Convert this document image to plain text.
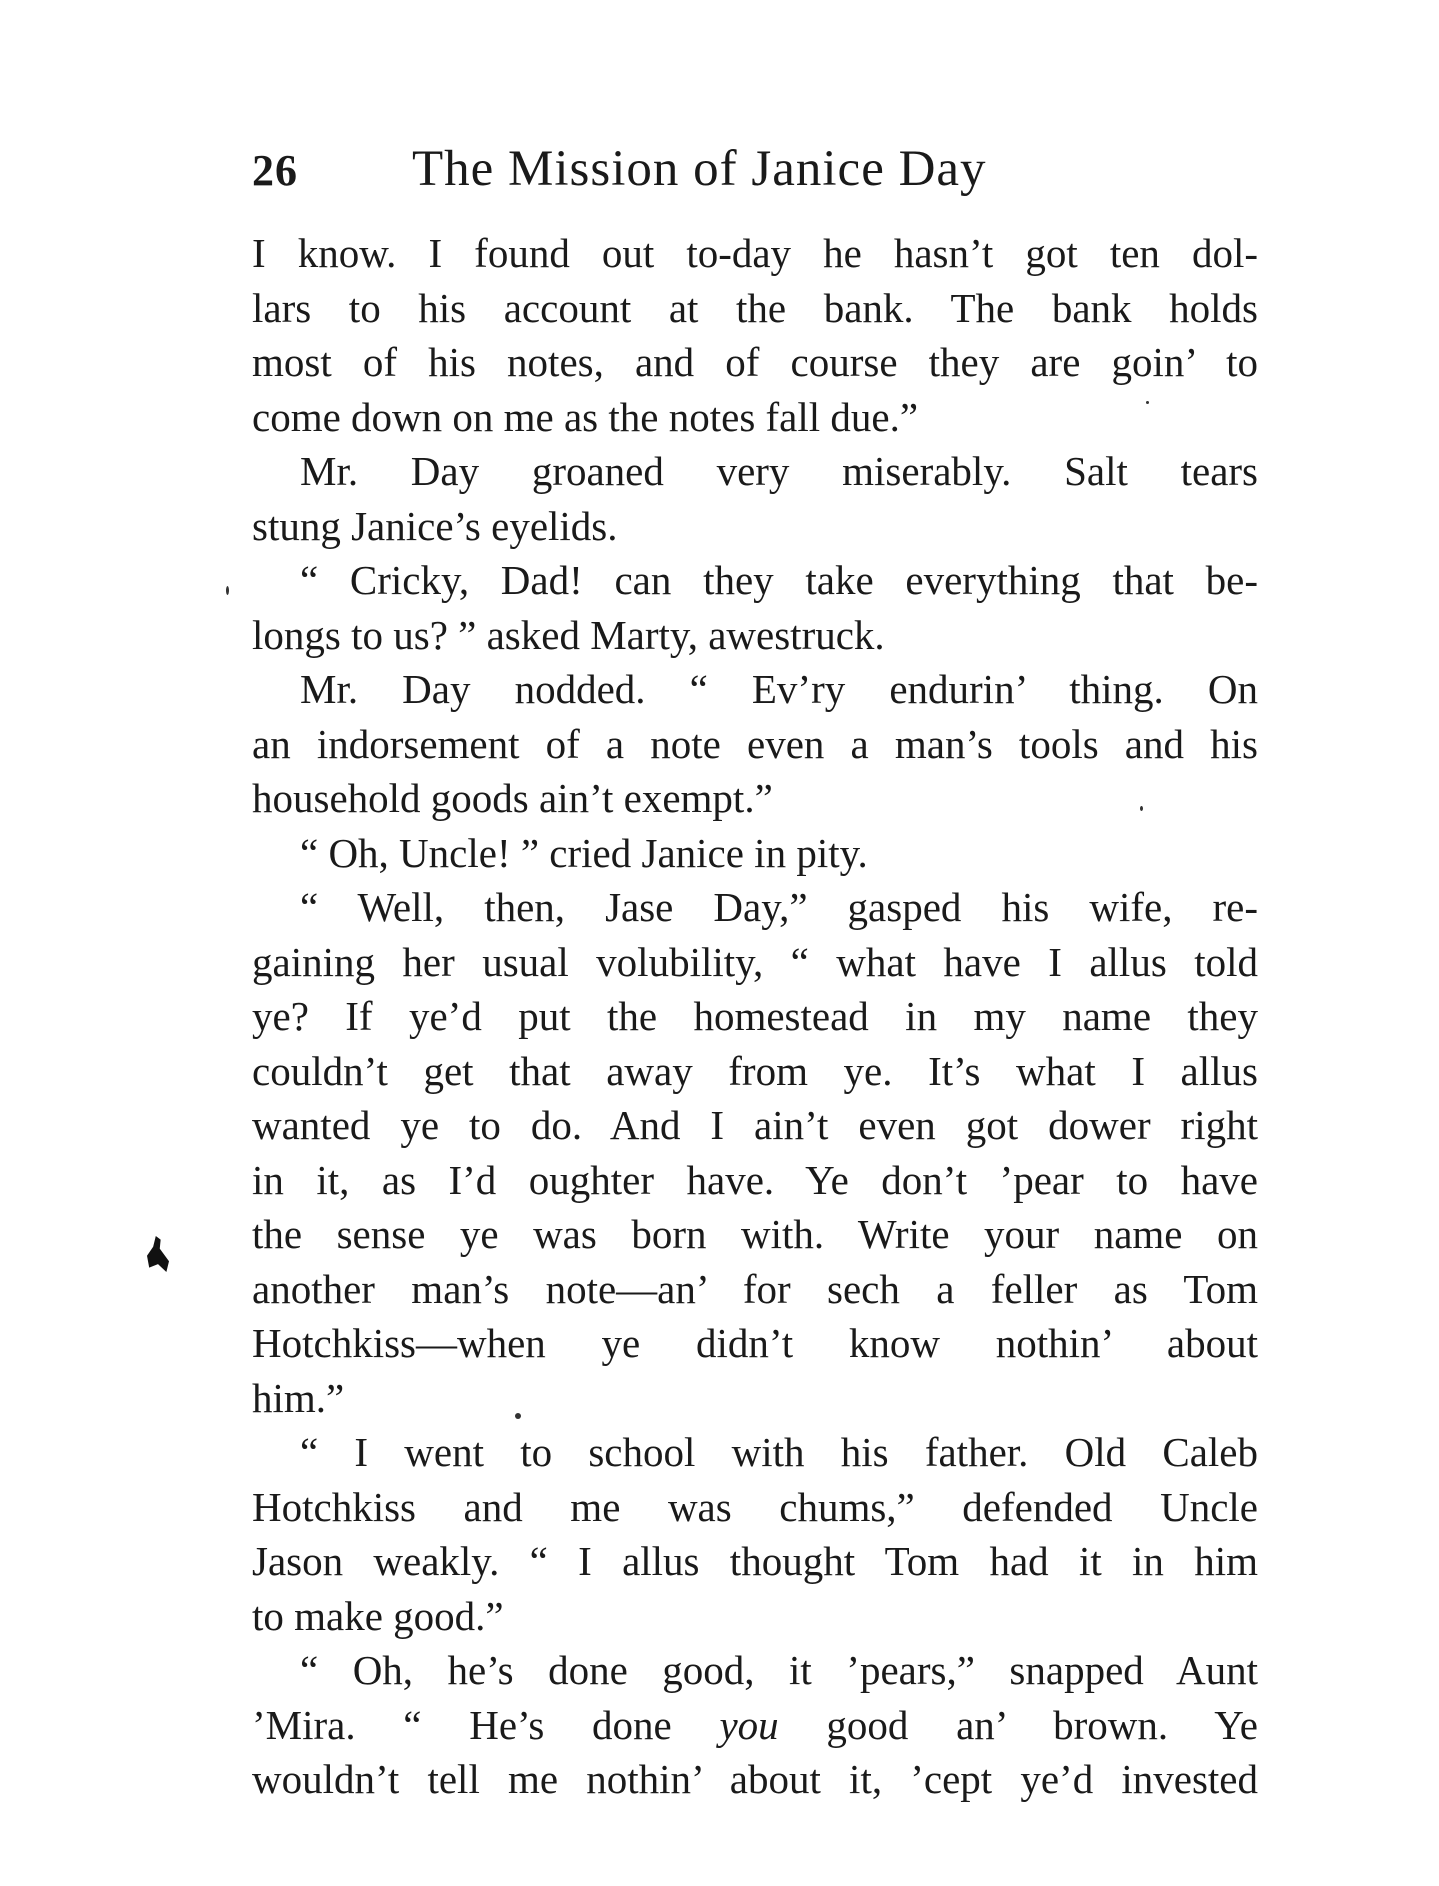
26	The Mission of Janice Day
I know. I found out to-day he hasn’t got ten dol-
lars to his account at the bank. The bank holds
most of his notes, and of course they are goin’ to
come down on me as the notes fall due.”
Mr. Day groaned very miserably. Salt tears
stung Janice’s eyelids.
“ Cricky, Dad! can they take everything that be-
longs to us? ” asked Marty, awestruck.
Mr. Day nodded. “ Ev’ry endurin’ thing. On
an indorsement of a note even a man’s tools and his
household goods ain’t exempt.”
“ Oh, Uncle! ” cried Janice in pity.
“ Well, then, Jase Day,” gasped his wife, re-
gaining her usual volubility, “ what have I allus told
ye? If ye’d put the homestead in my name they
couldn’t get that away from ye. It’s what I allus
wanted ye to do. And I ain’t even got dower right
in it, as I’d oughter have. Ye don’t ’pear to have
the sense ye was born with. Write your name on
another man’s note—an’ for sech a feller as Tom
Hotchkiss—when ye didn’t know nothin’ about
him.”
“ I went to school with his father. Old Caleb
Hotchkiss and me was chums,” defended Uncle
Jason weakly. “ I allus thought Tom had it in him
to make good.”
“ Oh, he’s done good, it ’pears,” snapped Aunt
’Mira. “ He’s done you good an’ brown. Ye
wouldn’t tell me nothin’ about it, ’cept ye’d invested
